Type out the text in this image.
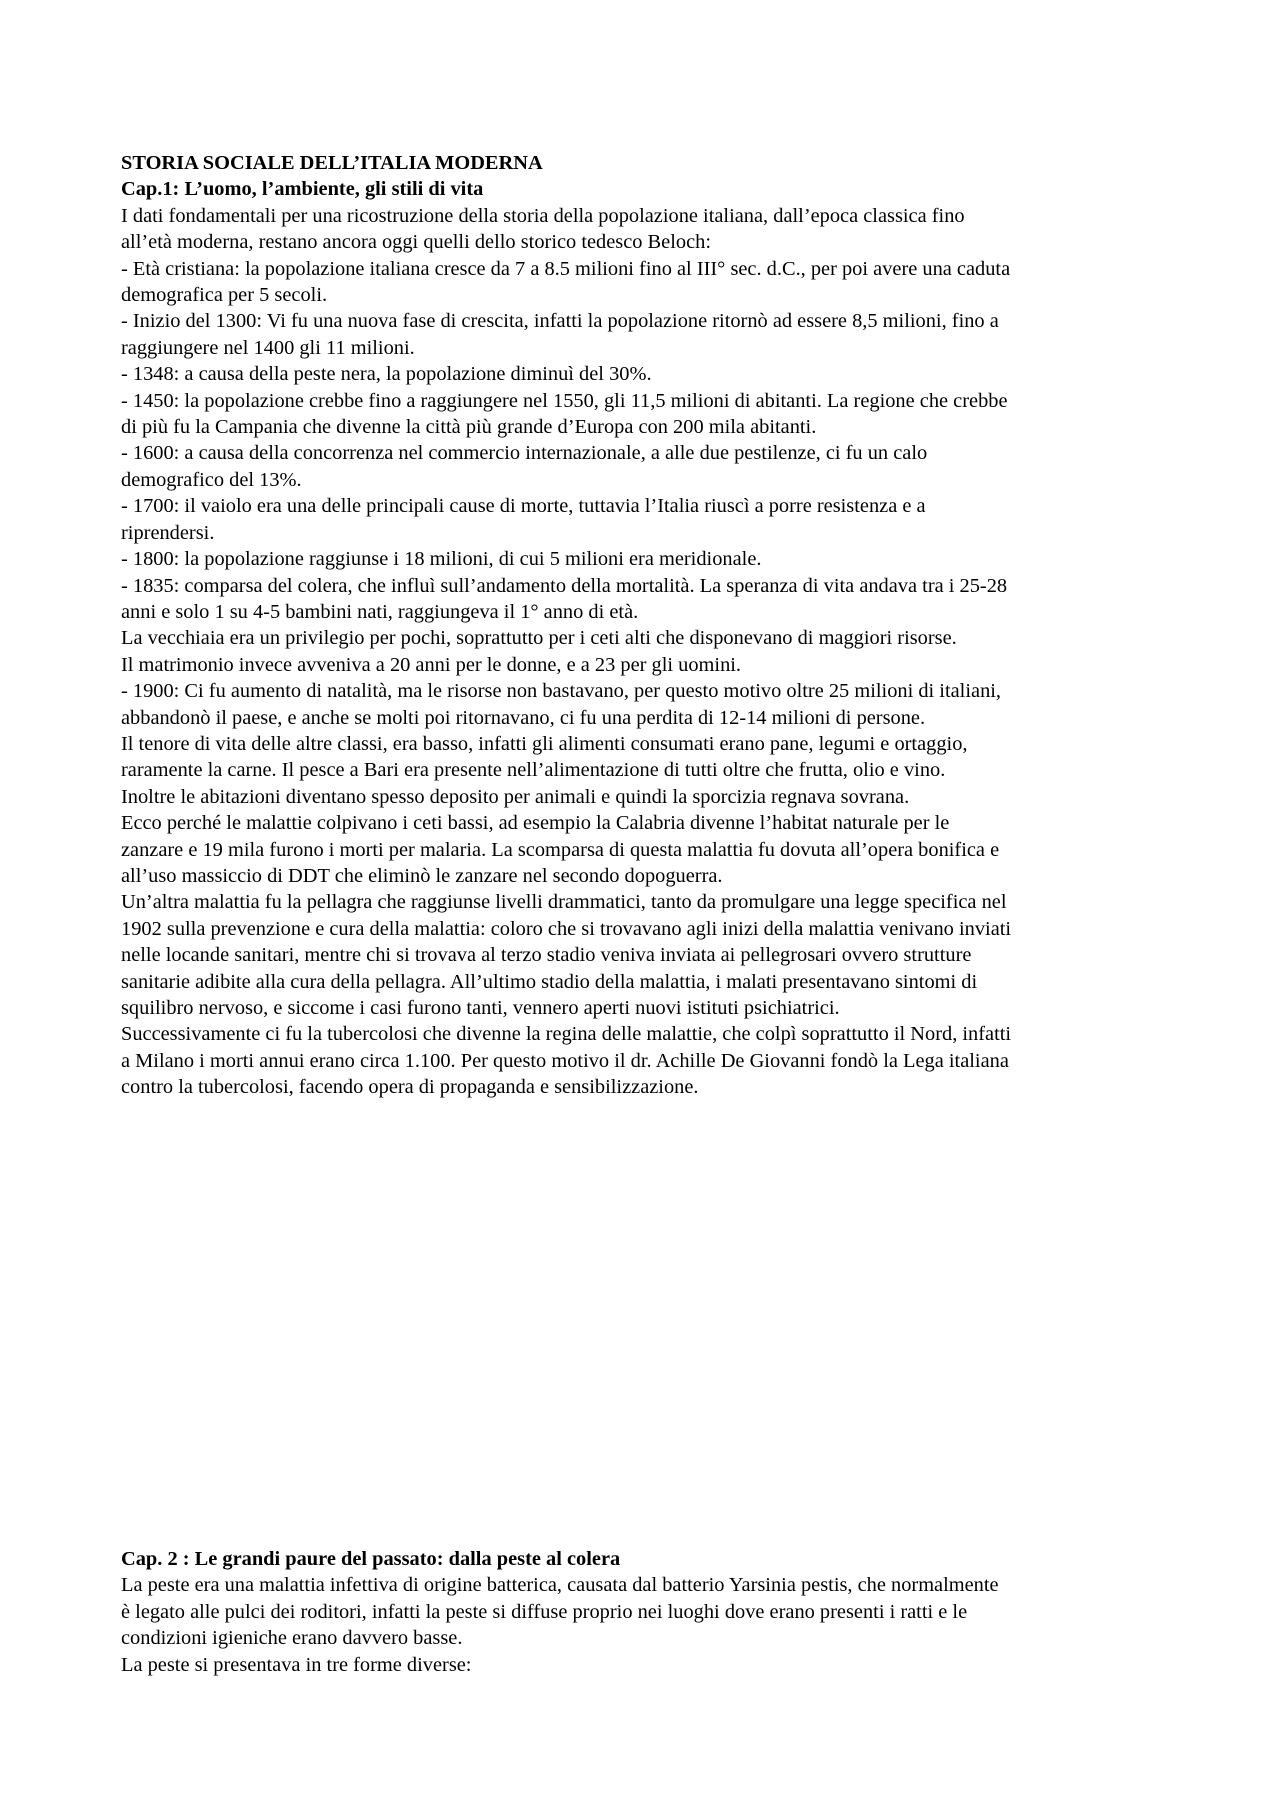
STORIA SOCIALE DELL’ITALIA MODERNA

Cap.1: L’uomo, l’ambiente, gli stili di vita

I dati fondamentali per una ricostruzione della storia della popolazione italiana, dall’epoca classica fino
all’età moderna, restano ancora oggi quelli dello storico tedesco Beloch:

- Età cristiana: la popolazione italiana cresce da 7 a 8.5 milioni fino al III° sec. d.C., per poi avere una caduta
demografica per 5 secoli.

- Inizio del 1300: Vi fu una nuova fase di crescita, infatti la popolazione ritornò ad essere 8,5 milioni, fino a
raggiungere nel 1400 gli 11 milioni.

- 1348: a causa della peste nera, la popolazione diminuì del 30%.

- 1450: la popolazione crebbe fino a raggiungere nel 1550, gli 11,5 milioni di abitanti. La regione che crebbe
di più fu la Campania che divenne la città più grande d’Europa con 200 mila abitanti.

- 1600: a causa della concorrenza nel commercio internazionale, a alle due pestilenze, ci fu un calo
demografico del 13%.

- 1700: il vaiolo era una delle principali cause di morte, tuttavia l’Italia riuscì a porre resistenza e a
riprendersi.

- 1800: la popolazione raggiunse i 18 milioni, di cui 5 milioni era meridionale.

- 1835: comparsa del colera, che influì sull’andamento della mortalità. La speranza di vita andava tra i 25-28
anni e solo 1 su 4-5 bambini nati, raggiungeva il 1° anno di età.

La vecchiaia era un privilegio per pochi, soprattutto per i ceti alti che disponevano di maggiori risorse.

Il matrimonio invece avveniva a 20 anni per le donne, e a 23 per gli uomini.

- 1900: Ci fu aumento di natalità, ma le risorse non bastavano, per questo motivo oltre 25 milioni di italiani,
abbandonò il paese, e anche se molti poi ritornavano, ci fu una perdita di 12-14 milioni di persone.

Il tenore di vita delle altre classi, era basso, infatti gli alimenti consumati erano pane, legumi e ortaggio,
raramente la carne. Il pesce a Bari era presente nell’alimentazione di tutti oltre che frutta, olio e vino.

Inoltre le abitazioni diventano spesso deposito per animali e quindi la sporcizia regnava sovrana.

Ecco perché le malattie colpivano i ceti bassi, ad esempio la Calabria divenne l’habitat naturale per le
zanzare e 19 mila furono i morti per malaria. La scomparsa di questa malattia fu dovuta all’opera bonifica e
all’uso massiccio di DDT che eliminò le zanzare nel secondo dopoguerra.

Un’altra malattia fu la pellagra che raggiunse livelli drammatici, tanto da promulgare una legge specifica nel
1902 sulla prevenzione e cura della malattia: coloro che si trovavano agli inizi della malattia venivano inviati
nelle locande sanitari, mentre chi si trovava al terzo stadio veniva inviata ai pellegrosari ovvero strutture
sanitarie adibite alla cura della pellagra. All’ultimo stadio della malattia, i malati presentavano sintomi di
squilibro nervoso, e siccome i casi furono tanti, vennero aperti nuovi istituti psichiatrici.

Successivamente ci fu la tubercolosi che divenne la regina delle malattie, che colpì soprattutto il Nord, infatti
a Milano i morti annui erano circa 1.100. Per questo motivo il dr. Achille De Giovanni fondò la Lega italiana
contro la tubercolosi, facendo opera di propaganda e sensibilizzazione.

Cap. 2 : Le grandi paure del passato: dalla peste al colera

La peste era una malattia infettiva di origine batterica, causata dal batterio Yarsinia pestis, che normalmente
è legato alle pulci dei roditori, infatti la peste si diffuse proprio nei luoghi dove erano presenti i ratti e le
condizioni igieniche erano davvero basse.

La peste si presentava in tre forme diverse:
